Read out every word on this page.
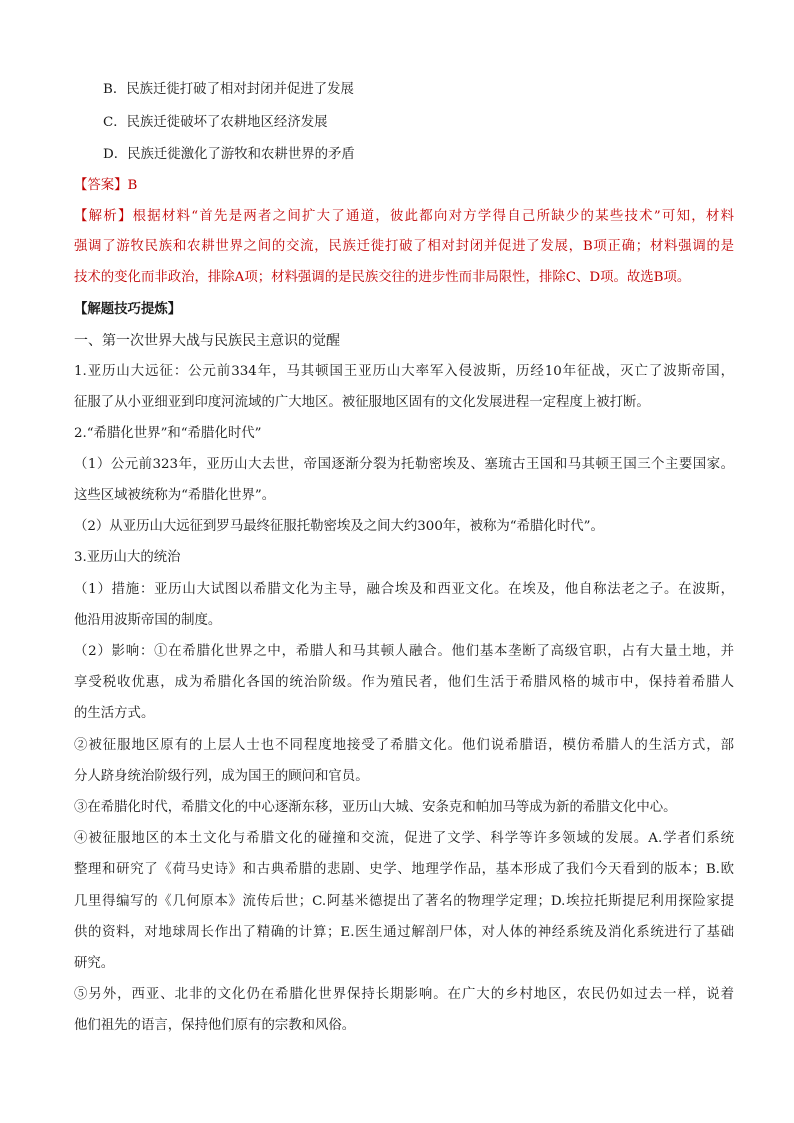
B．民族迁徙打破了相对封闭并促进了发展
C．民族迁徙破坏了农耕地区经济发展
D．民族迁徙激化了游牧和农耕世界的矛盾
【答案】B
【解析】根据材料“首先是两者之间扩大了通道，彼此都向对方学得自己所缺少的某些技术”可知，材料
强调了游牧民族和农耕世界之间的交流，民族迁徙打破了相对封闭并促进了发展，B项正确；材料强调的是
技术的变化而非政治，排除A项；材料强调的是民族交往的进步性而非局限性，排除C、D项。故选B项。
【解题技巧提炼】
一、第一次世界大战与民族民主意识的觉醒
1.亚历山大远征：公元前334年，马其顿国王亚历山大率军入侵波斯，历经10年征战，灭亡了波斯帝国，
征服了从小亚细亚到印度河流域的广大地区。被征服地区固有的文化发展进程一定程度上被打断。
2.“希腊化世界”和“希腊化时代”
（1）公元前323年，亚历山大去世，帝国逐渐分裂为托勒密埃及、塞琉古王国和马其顿王国三个主要国家。
这些区域被统称为“希腊化世界”。
（2）从亚历山大远征到罗马最终征服托勒密埃及之间大约300年，被称为“希腊化时代”。
3.亚历山大的统治
（1）措施：亚历山大试图以希腊文化为主导，融合埃及和西亚文化。在埃及，他自称法老之子。在波斯，
他沿用波斯帝国的制度。
（2）影响：①在希腊化世界之中，希腊人和马其顿人融合。他们基本垄断了高级官职，占有大量土地，并
享受税收优惠，成为希腊化各国的统治阶级。作为殖民者，他们生活于希腊风格的城市中，保持着希腊人
的生活方式。
②被征服地区原有的上层人士也不同程度地接受了希腊文化。他们说希腊语，模仿希腊人的生活方式，部
分人跻身统治阶级行列，成为国王的顾问和官员。
③在希腊化时代，希腊文化的中心逐渐东移，亚历山大城、安条克和帕加马等成为新的希腊文化中心。
④被征服地区的本土文化与希腊文化的碰撞和交流，促进了文学、科学等许多领域的发展。A.学者们系统
整理和研究了《荷马史诗》和古典希腊的悲剧、史学、地理学作品，基本形成了我们今天看到的版本；B.欧
几里得编写的《几何原本》流传后世；C.阿基米德提出了著名的物理学定理；D.埃拉托斯提尼利用探险家提
供的资料，对地球周长作出了精确的计算；E.医生通过解剖尸体，对人体的神经系统及消化系统进行了基础
研究。
⑤另外，西亚、北非的文化仍在希腊化世界保持长期影响。在广大的乡村地区，农民仍如过去一样，说着
他们祖先的语言，保持他们原有的宗教和风俗。
